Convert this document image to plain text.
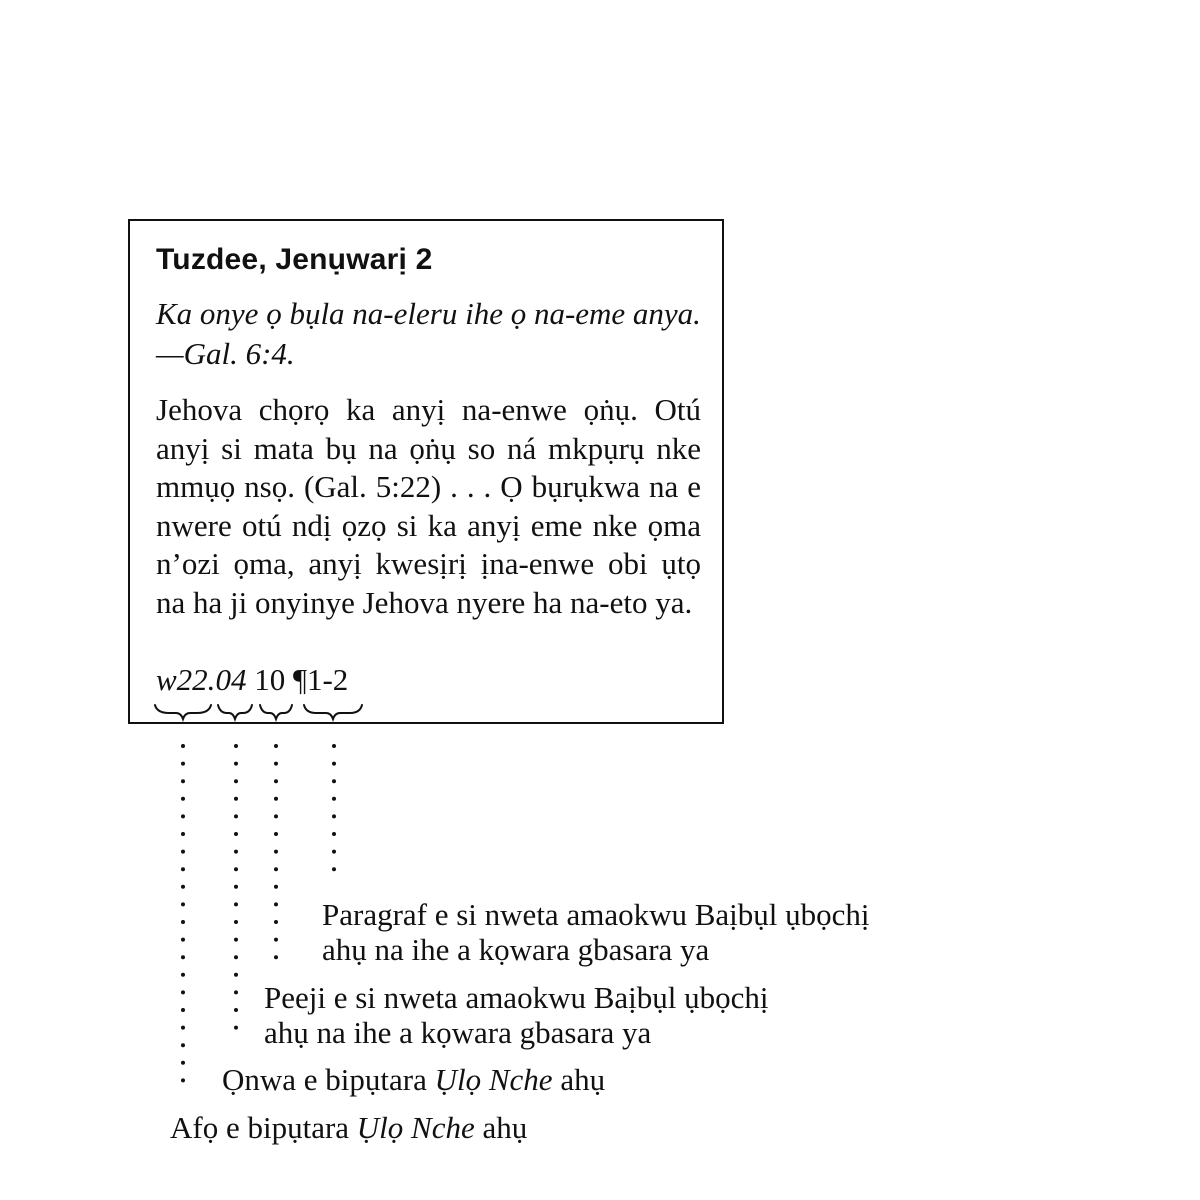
Tuzdee, Jenụwarị 2
Ka onye ọ bụla na-eleru ihe ọ na-eme anya.—Gal. 6:4.
Jehova chọrọ ka anyị na-enwe ọṅụ. Otú anyị si mata bụ na ọṅụ so ná mkpụrụ nke mmụọ nsọ. (Gal. 5:22) . . . Ọ bụrụkwa na e nwere otú ndị ọzọ si ka anyị eme nke ọma n’ozi ọma, anyị kwesịrị ịna-enwe obi ụtọ na ha ji onyinye Jehova nyere ha na-eto ya.
w22.04 10 ¶1-2
Paragraf e si nweta amaokwu Baịbụl ụbọchị
ahụ na ihe a kọwara gbasara ya
Peeji e si nweta amaokwu Baịbụl ụbọchị
ahụ na ihe a kọwara gbasara ya
Ọnwa e bipụtara Ụlọ Nche ahụ
Afọ e bipụtara Ụlọ Nche ahụ
